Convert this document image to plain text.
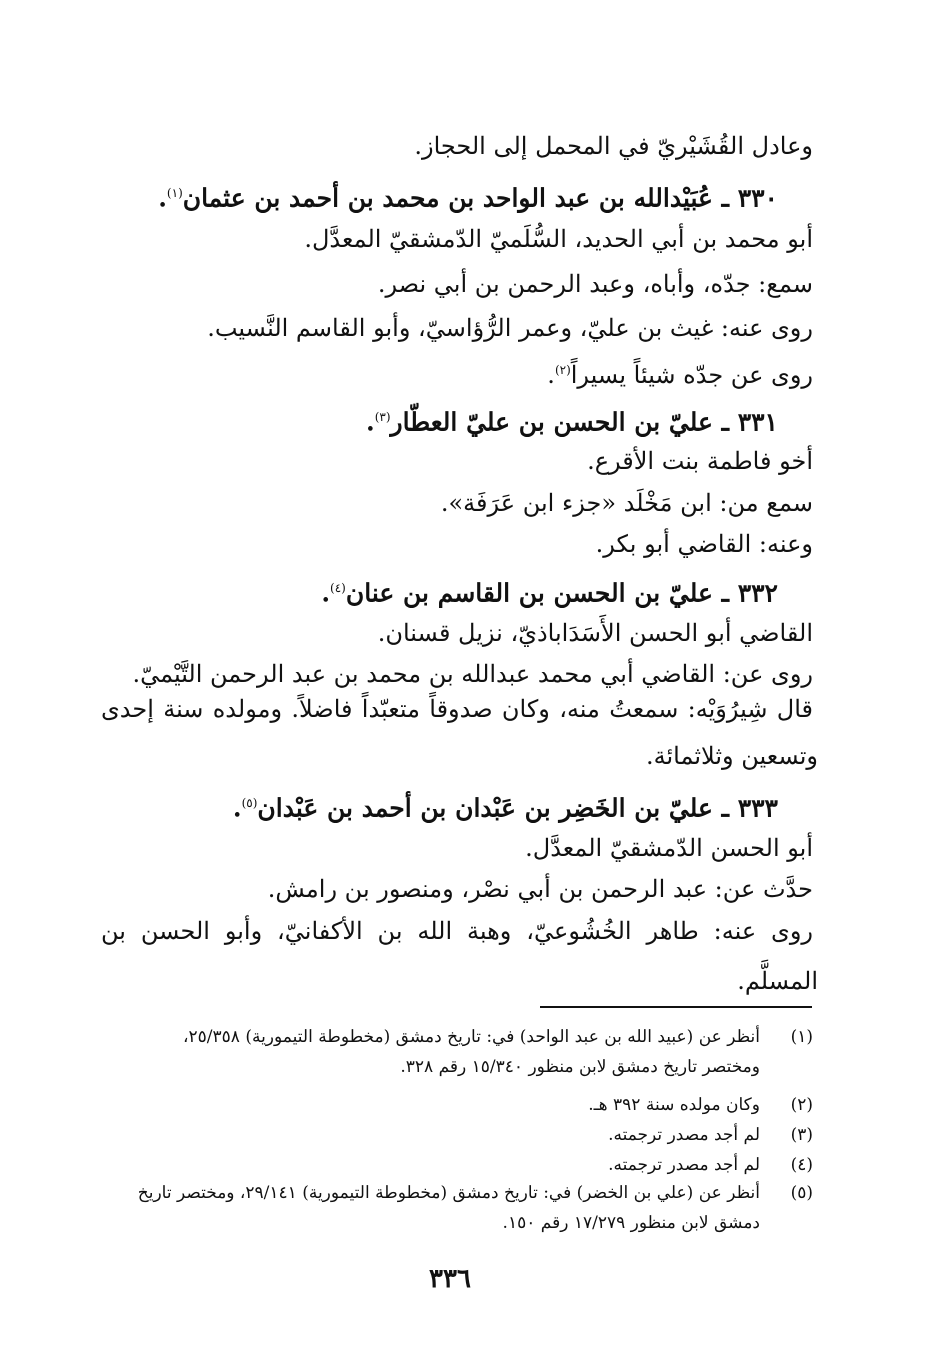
وعادل القُشَيْريّ في المحمل إلى الحجاز.
٣٣٠ ـ عُبَيْدالله بن عبد الواحد بن محمد بن أحمد بن عثمان$^{(١)}$.
أبو محمد بن أبي الحديد، السُّلَميّ الدّمشقيّ المعدَّل.
سمع: جدّه، وأباه، وعبد الرحمن بن أبي نصر.
روى عنه: غيث بن عليّ، وعمر الرُّؤاسيّ، وأبو القاسم النَّسيب.
روى عن جدّه شيئاً يسيراً$^{(٢)}$.
٣٣١ ـ عليّ بن الحسن بن عليّ العطّار$^{(٣)}$.
أخو فاطمة بنت الأقرع.
سمع من: ابن مَخْلَد «جزء ابن عَرَفَة».
وعنه: القاضي أبو بكر.
٣٣٢ ـ عليّ بن الحسن بن القاسم بن عنان$^{(٤)}$.
القاضي أبو الحسن الأَسَدَاباذيّ، نزيل قسنان.
روى عن: القاضي أبي محمد عبدالله بن محمد بن عبد الرحمن التَّيْميّ.
قال شِيرُوَيْه: سمعتُ منه، وكان صدوقاً متعبّداً فاضلاً. ومولده سنة إحدى
وتسعين وثلاثمائة.
٣٣٣ ـ عليّ بن الخَضِر بن عَبْدان بن أحمد بن عَبْدان$^{(٥)}$.
أبو الحسن الدّمشقيّ المعدَّل.
حدَّث عن: عبد الرحمن بن أبي نصْر، ومنصور بن رامش.
روى عنه: طاهر الخُشُوعيّ، وهبة الله بن الأكفانيّ، وأبو الحسن بن
المسلَّم.
(١)
أنظر عن (عبيد الله بن عبد الواحد) في: تاريخ دمشق (مخطوطة التيمورية) ٢٥/٣٥٨،
ومختصر تاريخ دمشق لابن منظور ١٥/٣٤٠ رقم ٣٢٨.
(٢)
وكان مولده سنة ٣٩٢ هـ.
(٣)
لم أجد مصدر ترجمته.
(٤)
لم أجد مصدر ترجمته.
(٥)
أنظر عن (علي بن الخضر) في: تاريخ دمشق (مخطوطة التيمورية) ٢٩/١٤١، ومختصر تاريخ
دمشق لابن منظور ١٧/٢٧٩ رقم ١٥٠.
٣٣٦
